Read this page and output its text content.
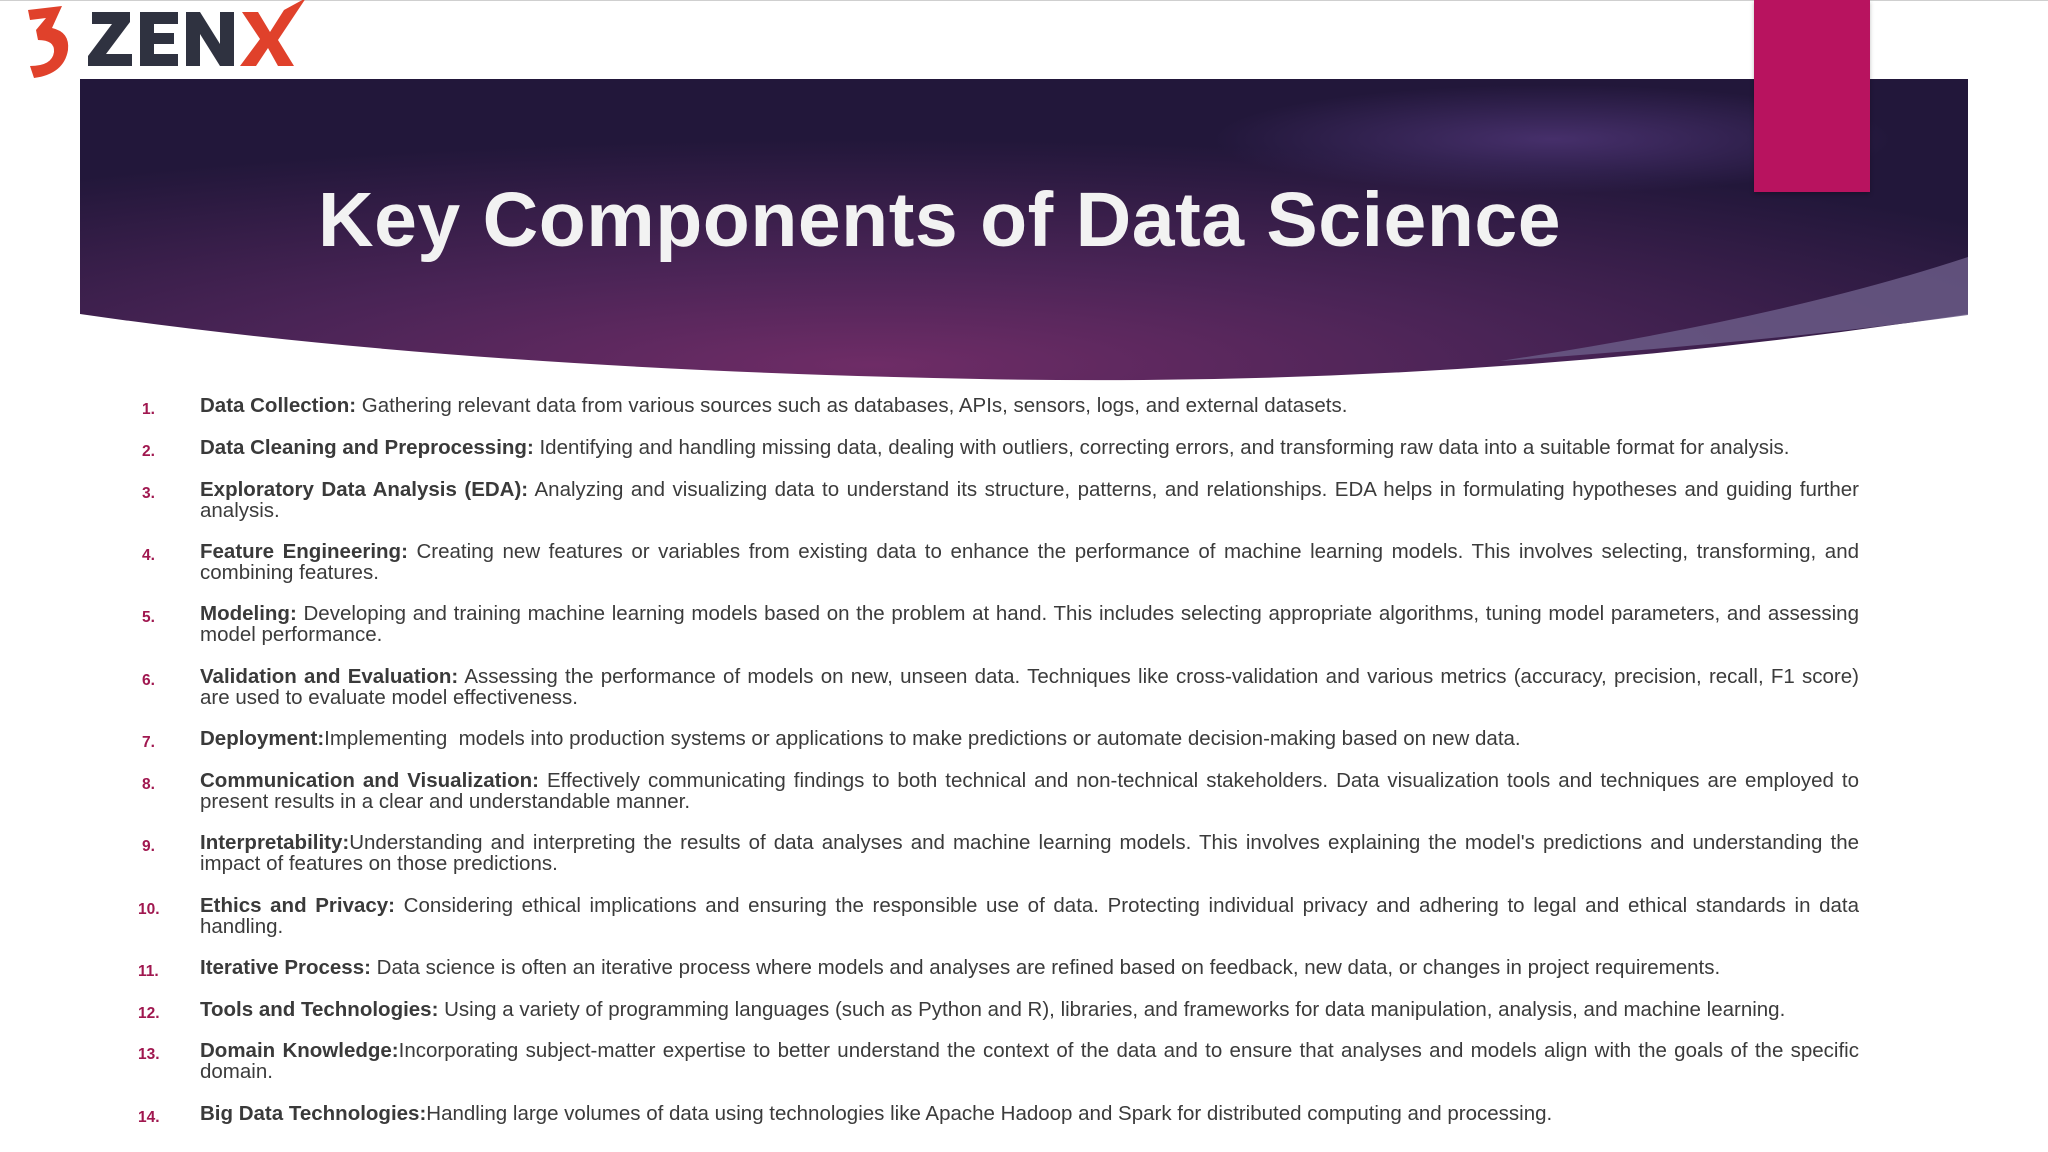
Key Components of Data Science
1. Data Collection: Gathering relevant data from various sources such as databases, APIs, sensors, logs, and external datasets.
2. Data Cleaning and Preprocessing: Identifying and handling missing data, dealing with outliers, correcting errors, and transforming raw data into a suitable format for analysis.
3. Exploratory Data Analysis (EDA): Analyzing and visualizing data to understand its structure, patterns, and relationships. EDA helps in formulating hypotheses and guiding further analysis.
4. Feature Engineering: Creating new features or variables from existing data to enhance the performance of machine learning models. This involves selecting, transforming, and combining features.
5. Modeling: Developing and training machine learning models based on the problem at hand. This includes selecting appropriate algorithms, tuning model parameters, and assessing model performance.
6. Validation and Evaluation: Assessing the performance of models on new, unseen data. Techniques like cross-validation and various metrics (accuracy, precision, recall, F1 score) are used to evaluate model effectiveness.
7. Deployment:Implementing  models into production systems or applications to make predictions or automate decision-making based on new data.
8. Communication and Visualization: Effectively communicating findings to both technical and non-technical stakeholders. Data visualization tools and techniques are employed to present results in a clear and understandable manner.
9. Interpretability:Understanding and interpreting the results of data analyses and machine learning models. This involves explaining the model's predictions and understanding the impact of features on those predictions.
10. Ethics and Privacy: Considering ethical implications and ensuring the responsible use of data. Protecting individual privacy and adhering to legal and ethical standards in data handling.
11. Iterative Process: Data science is often an iterative process where models and analyses are refined based on feedback, new data, or changes in project requirements.
12. Tools and Technologies: Using a variety of programming languages (such as Python and R), libraries, and frameworks for data manipulation, analysis, and machine learning.
13. Domain Knowledge:Incorporating subject-matter expertise to better understand the context of the data and to ensure that analyses and models align with the goals of the specific domain.
14. Big Data Technologies:Handling large volumes of data using technologies like Apache Hadoop and Spark for distributed computing and processing.
